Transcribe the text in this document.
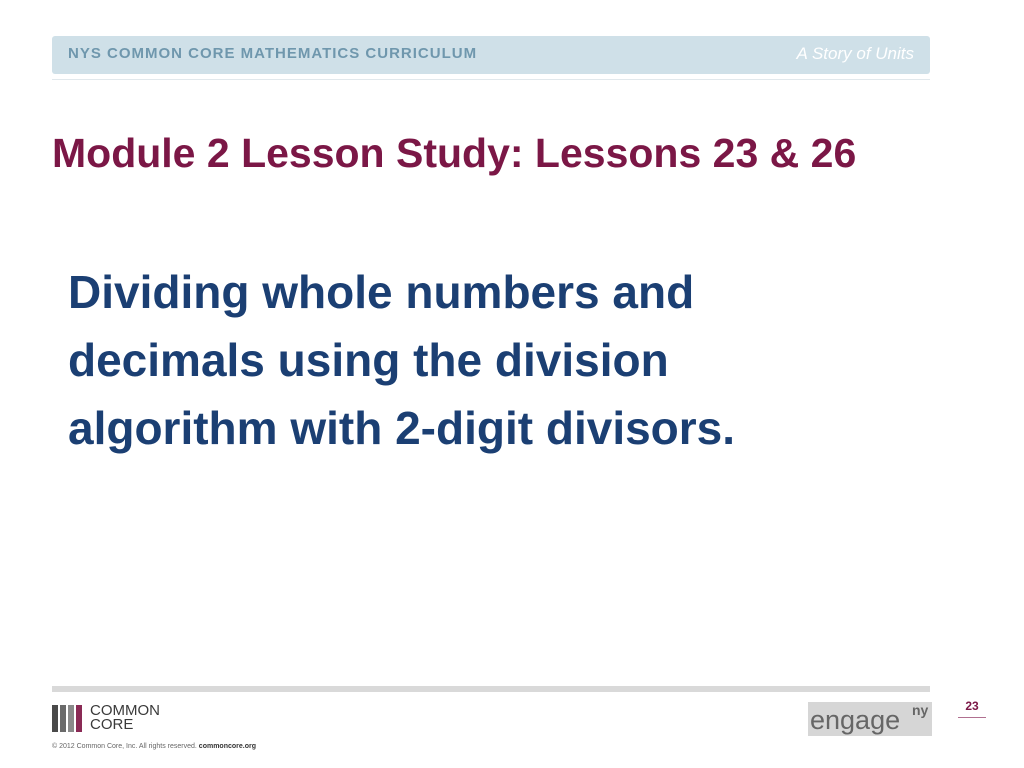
NYS COMMON CORE MATHEMATICS CURRICULUM	A Story of Units
Module 2 Lesson Study: Lessons 23 & 26
Dividing whole numbers and
decimals using the division
algorithm with 2-digit divisors.
COMMON
CORE
© 2012 Common Core, Inc. All rights reserved. commoncore.org
engage ny	23
